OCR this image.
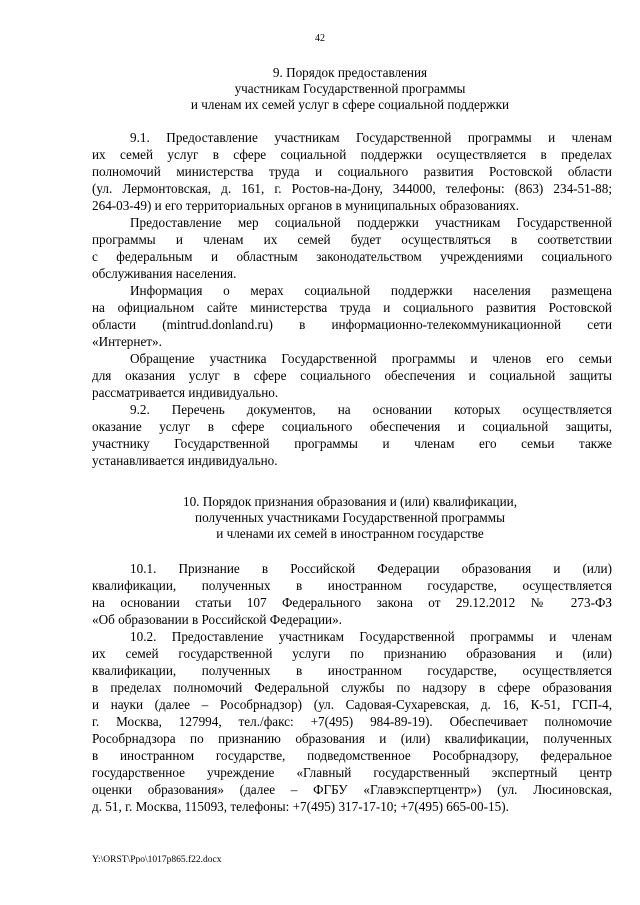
42
9. Порядок предоставления
участникам Государственной программы
и членам их семей услуг в сфере социальной поддержки
9.1. Предоставление участникам Государственной программы и членам
их семей услуг в сфере социальной поддержки осуществляется в пределах
полномочий министерства труда и социального развития Ростовской области
(ул. Лермонтовская, д. 161, г. Ростов-на-Дону, 344000, телефоны: (863) 234-51-88;
264-03-49) и его территориальных органов в муниципальных образованиях.
Предоставление мер социальной поддержки участникам Государственной
программы и членам их семей будет осуществляться в соответствии
с федеральным и областным законодательством учреждениями социального
обслуживания населения.
Информация о мерах социальной поддержки населения размещена
на официальном сайте министерства труда и социального развития Ростовской
области (mintrud.donland.ru) в информационно-телекоммуникационной сети
«Интернет».
Обращение участника Государственной программы и членов его семьи
для оказания услуг в сфере социального обеспечения и социальной защиты
рассматривается индивидуально.
9.2. Перечень документов, на основании которых осуществляется
оказание услуг в сфере социального обеспечения и социальной защиты,
участнику Государственной программы и членам его семьи также
устанавливается индивидуально.
10. Порядок признания образования и (или) квалификации,
полученных участниками Государственной программы
и членами их семей в иностранном государстве
10.1. Признание в Российской Федерации образования и (или)
квалификации, полученных в иностранном государстве, осуществляется
на основании статьи 107 Федерального закона от 29.12.2012 № 273-ФЗ
«Об образовании в Российской Федерации».
10.2. Предоставление участникам Государственной программы и членам
их семей государственной услуги по признанию образования и (или)
квалификации, полученных в иностранном государстве, осуществляется
в пределах полномочий Федеральной службы по надзору в сфере образования
и науки (далее – Рособрнадзор) (ул. Садовая-Сухаревская, д. 16, К-51, ГСП-4,
г. Москва, 127994, тел./факс: +7(495) 984-89-19). Обеспечивает полномочие
Рособрнадзора по признанию образования и (или) квалификации, полученных
в иностранном государстве, подведомственное Рособрнадзору, федеральное
государственное учреждение «Главный государственный экспертный центр
оценки образования» (далее – ФГБУ «Главэкспертцентр») (ул. Люсиновская,
д. 51, г. Москва, 115093, телефоны: +7(495) 317-17-10; +7(495) 665-00-15).
Y:\ORST\Ppo\1017p865.f22.docx
